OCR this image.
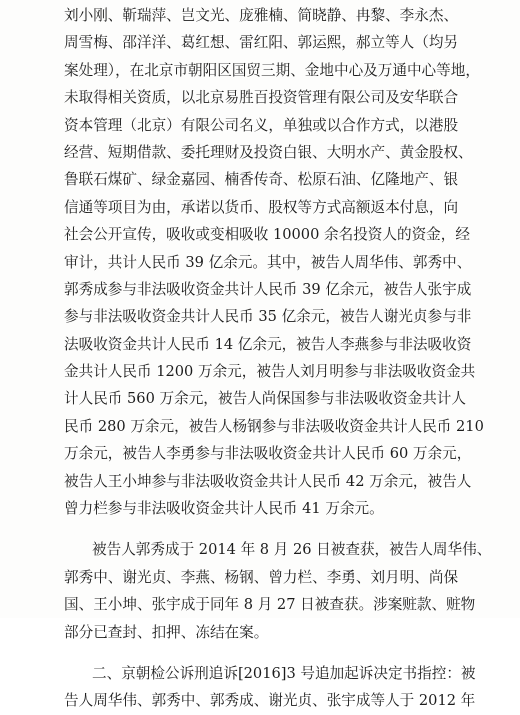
刘小刚、靳瑞萍、岂文光、庞雅楠、简晓静、冉黎、李永杰、
周雪梅、邵洋洋、葛红想、雷红阳、郭运熙，郝立等人（均另
案处理），在北京市朝阳区国贸三期、金地中心及万通中心等地，
未取得相关资质，以北京易胜百投资管理有限公司及安华联合
资本管理（北京）有限公司名义，单独或以合作方式，以港股
经营、短期借款、委托理财及投资白银、大明水产、黄金股权、
鲁联石煤矿、绿金嘉园、楠香传奇、松原石油、亿隆地产、银
信通等项目为由，承诺以货币、股权等方式高额返本付息，向
社会公开宣传，吸收或变相吸收 10000 余名投资人的资金，经
审计，共计人民币 39 亿余元。其中，被告人周华伟、郭秀中、
郭秀成参与非法吸收资金共计人民币 39 亿余元，被告人张宇成
参与非法吸收资金共计人民币 35 亿余元，被告人谢光贞参与非
法吸收资金共计人民币 14 亿余元，被告人李燕参与非法吸收资
金共计人民币 1200 万余元，被告人刘月明参与非法吸收资金共
计人民币 560 万余元，被告人尚保国参与非法吸收资金共计人
民币 280 万余元，被告人杨钢参与非法吸收资金共计人民币 210
万余元，被告人李勇参与非法吸收资金共计人民币 60 万余元，
被告人王小坤参与非法吸收资金共计人民币 42 万余元，被告人
曾力栏参与非法吸收资金共计人民币 41 万余元。
被告人郭秀成于 2014 年 8 月 26 日被查获，被告人周华伟、
郭秀中、谢光贞、李燕、杨钢、曾力栏、李勇、刘月明、尚保
国、王小坤、张宇成于同年 8 月 27 日被查获。涉案赃款、赃物
部分已查封、扣押、冻结在案。
二、京朝检公诉刑追诉[2016]3 号追加起诉决定书指控：被
告人周华伟、郭秀中、郭秀成、谢光贞、张宇成等人于 2012 年
